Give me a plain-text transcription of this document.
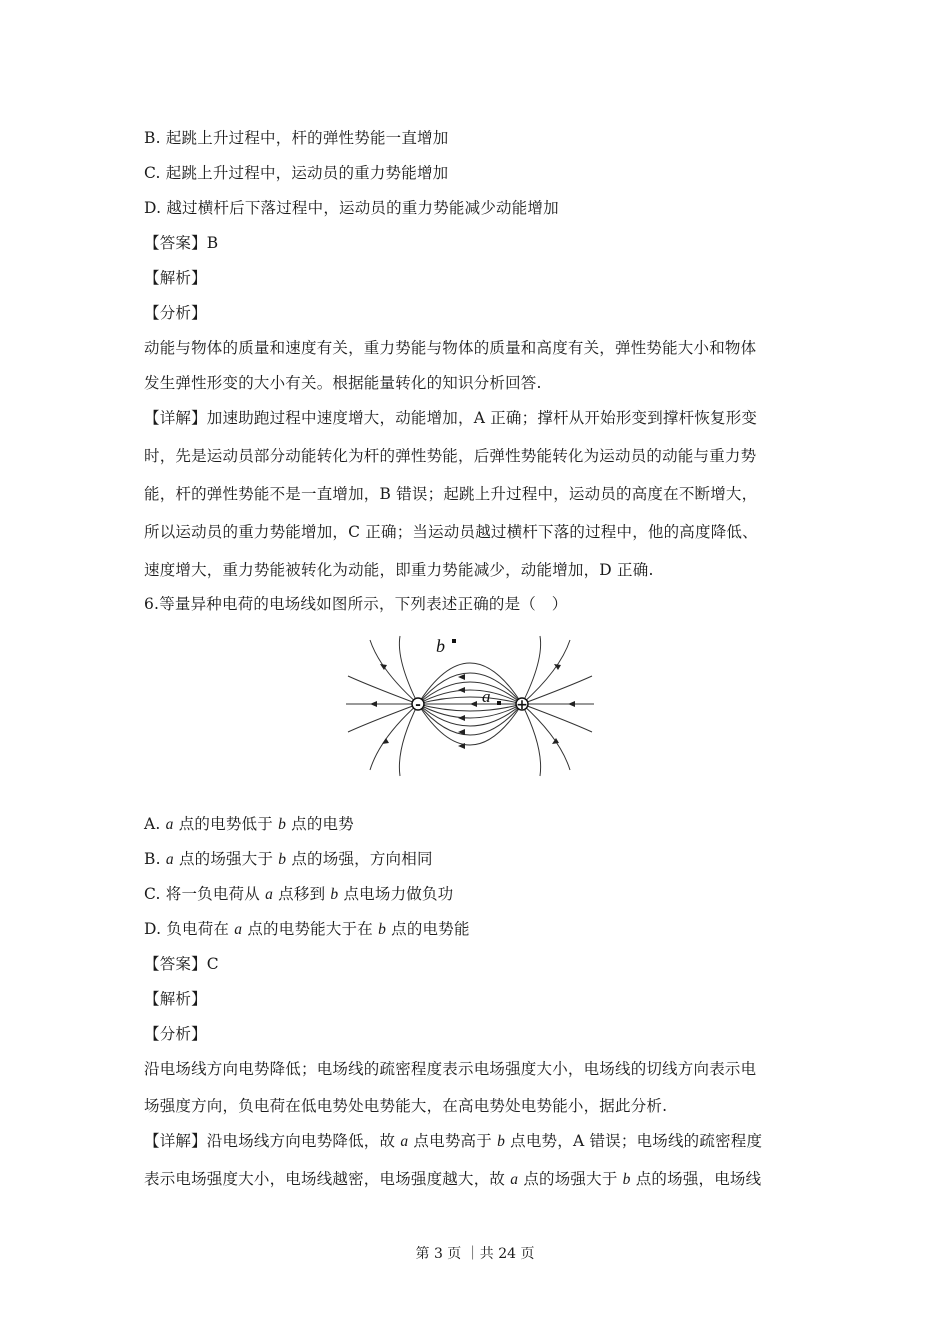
B. 起跳上升过程中，杆的弹性势能一直增加
C. 起跳上升过程中，运动员的重力势能增加
D. 越过横杆后下落过程中，运动员的重力势能减少动能增加
【答案】B
【解析】
【分析】
动能与物体的质量和速度有关，重力势能与物体的质量和高度有关，弹性势能大小和物体
发生弹性形变的大小有关。根据能量转化的知识分析回答.
【详解】加速助跑过程中速度增大，动能增加，A 正确；撑杆从开始形变到撑杆恢复形变
时，先是运动员部分动能转化为杆的弹性势能，后弹性势能转化为运动员的动能与重力势
能，杆的弹性势能不是一直增加，B 错误；起跳上升过程中，运动员的高度在不断增大，
所以运动员的重力势能增加，C 正确；当运动员越过横杆下落的过程中，他的高度降低、
速度增大，重力势能被转化为动能，即重力势能减少，动能增加，D 正确.
6.等量异种电荷的电场线如图所示，下列表述正确的是（　）
b
a
-	+
A. a 点的电势低于 b 点的电势
B. a 点的场强大于 b 点的场强，方向相同
C. 将一负电荷从 a 点移到 b 点电场力做负功
D. 负电荷在 a 点的电势能大于在 b 点的电势能
【答案】C
【解析】
【分析】
沿电场线方向电势降低；电场线的疏密程度表示电场强度大小，电场线的切线方向表示电
场强度方向，负电荷在低电势处电势能大，在高电势处电势能小，据此分析.
【详解】沿电场线方向电势降低，故 a 点电势高于 b 点电势，A 错误；电场线的疏密程度
表示电场强度大小，电场线越密，电场强度越大，故 a 点的场强大于 b 点的场强，电场线
第 3 页 ｜共 24 页
